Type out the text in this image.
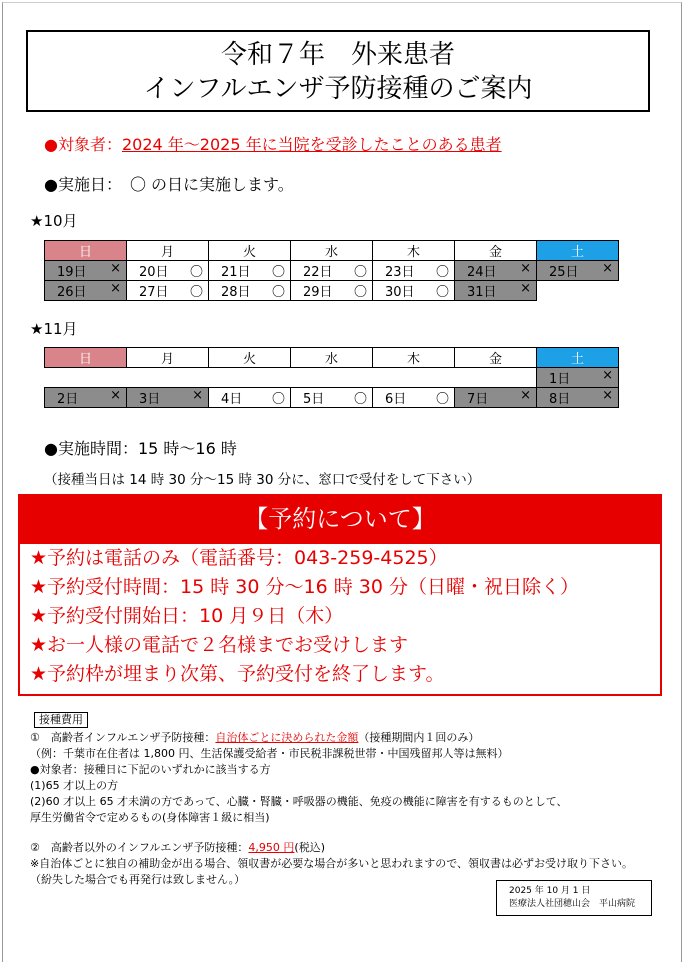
令和７年　外来患者
インフルエンザ予防接種のご案内
●対象者：2024 年～2025 年に当院を受診したことのある患者
●実施日：　〇 の日に実施します。
★10月
日	月	火	水	木	金	土

19日 ×	20日 〇	21日 〇	22日 〇	23日 〇	24日 ×	25日 ×

26日 ×	27日 〇	28日 〇	29日 〇	30日 〇	31日 ×	

★11月
日	月	火	水	木	金	土

						1日 ×

2日 ×	3日 ×	4日 〇	5日 〇	6日 〇	7日 ×	8日 ×
●実施時間：15 時～16 時
（接種当日は 14 時 30 分～15 時 30 分に、窓口で受付をして下さい）
【予約について】
★予約は電話のみ（電話番号：043-259-4525）
★予約受付時間：15 時 30 分～16 時 30 分（日曜・祝日除く）
★予約受付開始日：10 月９日（木）
★お一人様の電話で２名様までお受けします
★予約枠が埋まり次第、予約受付を終了します。
接種費用
①　高齢者インフルエンザ予防接種：自治体ごとに決められた金額（接種期間内１回のみ）
（例：千葉市在住者は 1,800 円、生活保護受給者・市民税非課税世帯・中国残留邦人等は無料）
●対象者：接種日に下記のいずれかに該当する方
(1)65 才以上の方
(2)60 才以上 65 才未満の方であって、心臓・腎臓・呼吸器の機能、免疫の機能に障害を有するものとして、
厚生労働省令で定めるもの(身体障害１級に相当)
②　高齢者以外のインフルエンザ予防接種：4,950 円(税込)
※自治体ごとに独自の補助金が出る場合、領収書が必要な場合が多いと思われますので、領収書は必ずお受け取り下さい。
（紛失した場合でも再発行は致しません。）
2025 年 10 月 1 日
医療法人社団穂山会　平山病院
